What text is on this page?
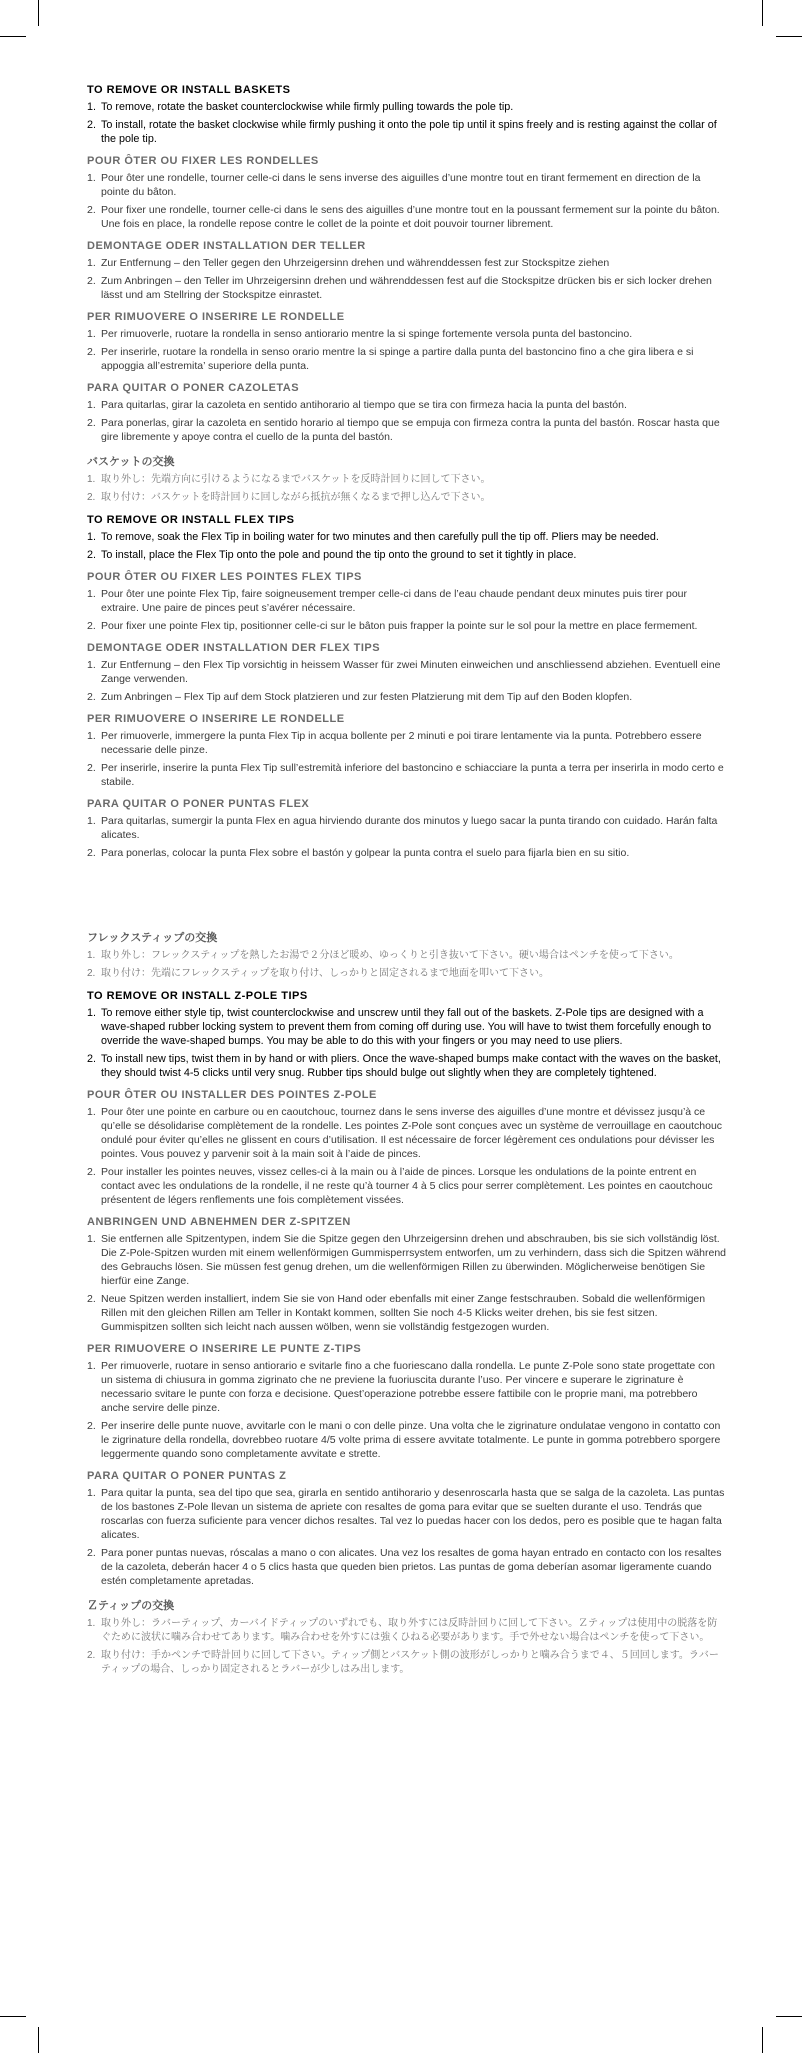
TO REMOVE OR INSTALL BASKETS
1. To remove, rotate the basket counterclockwise while firmly pulling towards the pole tip.
2. To install, rotate the basket clockwise while firmly pushing it onto the pole tip until it spins freely and is resting against the collar of the pole tip.
POUR ÔTER OU FIXER LES RONDELLES
1. Pour ôter une rondelle, tourner celle-ci dans le sens inverse des aiguilles d’une montre tout en tirant fermement en direction de la pointe du bâton.
2. Pour fixer une rondelle, tourner celle-ci dans le sens des aiguilles d’une montre tout en la poussant fermement sur la pointe du bâton. Une fois en place, la rondelle repose contre le collet de la pointe et doit pouvoir tourner librement.
DEMONTAGE ODER INSTALLATION DER TELLER
1. Zur Entfernung – den Teller gegen den Uhrzeigersinn drehen und währenddessen fest zur Stockspitze ziehen
2. Zum Anbringen – den Teller im Uhrzeigersinn drehen und währenddessen fest auf die Stockspitze drücken bis er sich locker drehen lässt und am Stellring der Stockspitze einrastet.
PER RIMUOVERE O INSERIRE LE RONDELLE
1. Per rimuoverle, ruotare la rondella in senso antiorario mentre la si spinge fortemente versola punta del bastoncino.
2. Per inserirle, ruotare la rondella in senso orario mentre la si spinge a partire dalla punta del bastoncino fino a che gira libera e si appoggia all’estremita’ superiore della punta.
PARA QUITAR O PONER CAZOLETAS
1. Para quitarlas, girar la cazoleta en sentido antihorario al tiempo que se tira con firmeza hacia la punta del bastón.
2. Para ponerlas, girar la cazoleta en sentido horario al tiempo que se empuja con firmeza contra la punta del bastón. Roscar hasta que gire libremente y apoye contra el cuello de la punta del bastón.
バスケットの交換
1. 取り外し：先端方向に引けるようになるまでバスケットを反時計回りに回して下さい。
2. 取り付け：バスケットを時計回りに回しながら抵抗が無くなるまで押し込んで下さい。
TO REMOVE OR INSTALL FLEX TIPS
1. To remove, soak the Flex Tip in boiling water for two minutes and then carefully pull the tip off. Pliers may be needed.
2. To install, place the Flex Tip onto the pole and pound the tip onto the ground to set it tightly in place.
POUR ÔTER OU FIXER LES POINTES FLEX TIPS
1. Pour ôter une pointe Flex Tip, faire soigneusement tremper celle-ci dans de l’eau chaude pendant deux minutes puis tirer pour extraire. Une paire de pinces peut s’avérer nécessaire.
2. Pour fixer une pointe Flex tip, positionner celle-ci sur le bâton puis frapper la pointe sur le sol pour la mettre en place fermement.
DEMONTAGE ODER INSTALLATION DER FLEX TIPS
1. Zur Entfernung – den Flex Tip vorsichtig in heissem Wasser für zwei Minuten einweichen und anschliessend abziehen. Eventuell eine Zange verwenden.
2. Zum Anbringen – Flex Tip auf dem Stock platzieren und zur festen Platzierung mit dem Tip auf den Boden klopfen.
PER RIMUOVERE O INSERIRE LE RONDELLE
1. Per rimuoverle, immergere la punta Flex Tip in acqua bollente per 2 minuti e poi tirare lentamente via la punta. Potrebbero essere necessarie delle pinze.
2. Per inserirle, inserire la punta Flex Tip sull’estremità inferiore del bastoncino e schiacciare la punta a terra per inserirla in modo certo e stabile.
PARA QUITAR O PONER PUNTAS FLEX
1. Para quitarlas, sumergir la punta Flex en agua hirviendo durante dos minutos y luego sacar la punta tirando con cuidado. Harán falta alicates.
2. Para ponerlas, colocar la punta Flex sobre el bastón y golpear la punta contra el suelo para fijarla bien en su sitio.
フレックスティップの交換
1. 取り外し：フレックスティップを熱したお湯で２分ほど暖め、ゆっくりと引き抜いて下さい。硬い場合はペンチを使って下さい。
2. 取り付け：先端にフレックスティップを取り付け、しっかりと固定されるまで地面を叩いて下さい。
TO REMOVE OR INSTALL Z-POLE TIPS
1. To remove either style tip, twist counterclockwise and unscrew until they fall out of the baskets. Z-Pole tips are designed with a wave-shaped rubber locking system to prevent them from coming off during use. You will have to twist them forcefully enough to override the wave-shaped bumps. You may be able to do this with your fingers or you may need to use pliers.
2. To install new tips, twist them in by hand or with pliers. Once the wave-shaped bumps make contact with the waves on the basket, they should twist 4-5 clicks until very snug. Rubber tips should bulge out slightly when they are completely tightened.
POUR ÔTER OU INSTALLER DES POINTES Z-POLE
1. Pour ôter une pointe en carbure ou en caoutchouc, tournez dans le sens inverse des aiguilles d’une montre et dévissez jusqu’à ce qu’elle se désolidarise complètement de la rondelle. Les pointes Z-Pole sont conçues avec un système de verrouillage en caoutchouc ondulé pour éviter qu’elles ne glissent en cours d’utilisation. Il est nécessaire de forcer légèrement ces ondulations pour dévisser les pointes. Vous pouvez y parvenir soit à la main soit à l’aide de pinces.
2. Pour installer les pointes neuves, vissez celles-ci à la main ou à l’aide de pinces. Lorsque les ondulations de la pointe entrent en contact avec les ondulations de la rondelle, il ne reste qu’à tourner 4 à 5 clics pour serrer complètement. Les pointes en caoutchouc présentent de légers renflements une fois complètement vissées.
ANBRINGEN UND ABNEHMEN DER Z-SPITZEN
1. Sie entfernen alle Spitzentypen, indem Sie die Spitze gegen den Uhrzeigersinn drehen und abschrauben, bis sie sich vollständig löst. Die Z-Pole-Spitzen wurden mit einem wellenförmigen Gummisperrsystem entworfen, um zu verhindern, dass sich die Spitzen während des Gebrauchs lösen. Sie müssen fest genug drehen, um die wellenförmigen Rillen zu überwinden. Möglicherweise benötigen Sie hierfür eine Zange.
2. Neue Spitzen werden installiert, indem Sie sie von Hand oder ebenfalls mit einer Zange festschrauben. Sobald die wellenförmigen Rillen mit den gleichen Rillen am Teller in Kontakt kommen, sollten Sie noch 4-5 Klicks weiter drehen, bis sie fest sitzen. Gummispitzen sollten sich leicht nach aussen wölben, wenn sie vollständig festgezogen wurden.
PER RIMUOVERE O INSERIRE LE PUNTE Z-TIPS
1. Per rimuoverle, ruotare in senso antiorario e svitarle fino a che fuoriescano dalla rondella. Le punte Z-Pole sono state progettate con un sistema di chiusura in gomma zigrinato che ne previene la fuoriuscita durante l’uso. Per vincere e superare le zigrinature è necessario svitare le punte con forza e decisione. Quest’operazione potrebbe essere fattibile con le proprie mani, ma potrebbero anche servire delle pinze.
2. Per inserire delle punte nuove, avvitarle con le mani o con delle pinze. Una volta che le zigrinature ondulatae vengono in contatto con le zigrinature della rondella, dovrebbeo ruotare 4/5 volte prima di essere avvitate totalmente. Le punte in gomma potrebbero sporgere leggermente quando sono completamente avvitate e strette.
PARA QUITAR O PONER PUNTAS Z
1. Para quitar la punta, sea del tipo que sea, girarla en sentido antihorario y desenroscarla hasta que se salga de la cazoleta. Las puntas de los bastones Z-Pole llevan un sistema de apriete con resaltes de goma para evitar que se suelten durante el uso. Tendrás que roscarlas con fuerza suficiente para vencer dichos resaltes. Tal vez lo puedas hacer con los dedos, pero es posible que te hagan falta alicates.
2. Para poner puntas nuevas, róscalas a mano o con alicates. Una vez los resaltes de goma hayan entrado en contacto con los resaltes de la cazoleta, deberán hacer 4 o 5 clics hasta que queden bien prietos. Las puntas de goma deberían asomar ligeramente cuando estén completamente apretadas.
Ｚティップの交換
1. 取り外し：ラバーティップ、カーバイドティップのいずれでも、取り外すには反時計回りに回して下さい。Ｚティップは使用中の脱落を防ぐために波状に噛み合わせてあります。噛み合わせを外すには強くひねる必要があります。手で外せない場合はペンチを使って下さい。
2. 取り付け：手かペンチで時計回りに回して下さい。ティップ側とバスケット側の波形がしっかりと噛み合うまで４、５回回します。ラバーティップの場合、しっかり固定されるとラバーが少しはみ出します。
